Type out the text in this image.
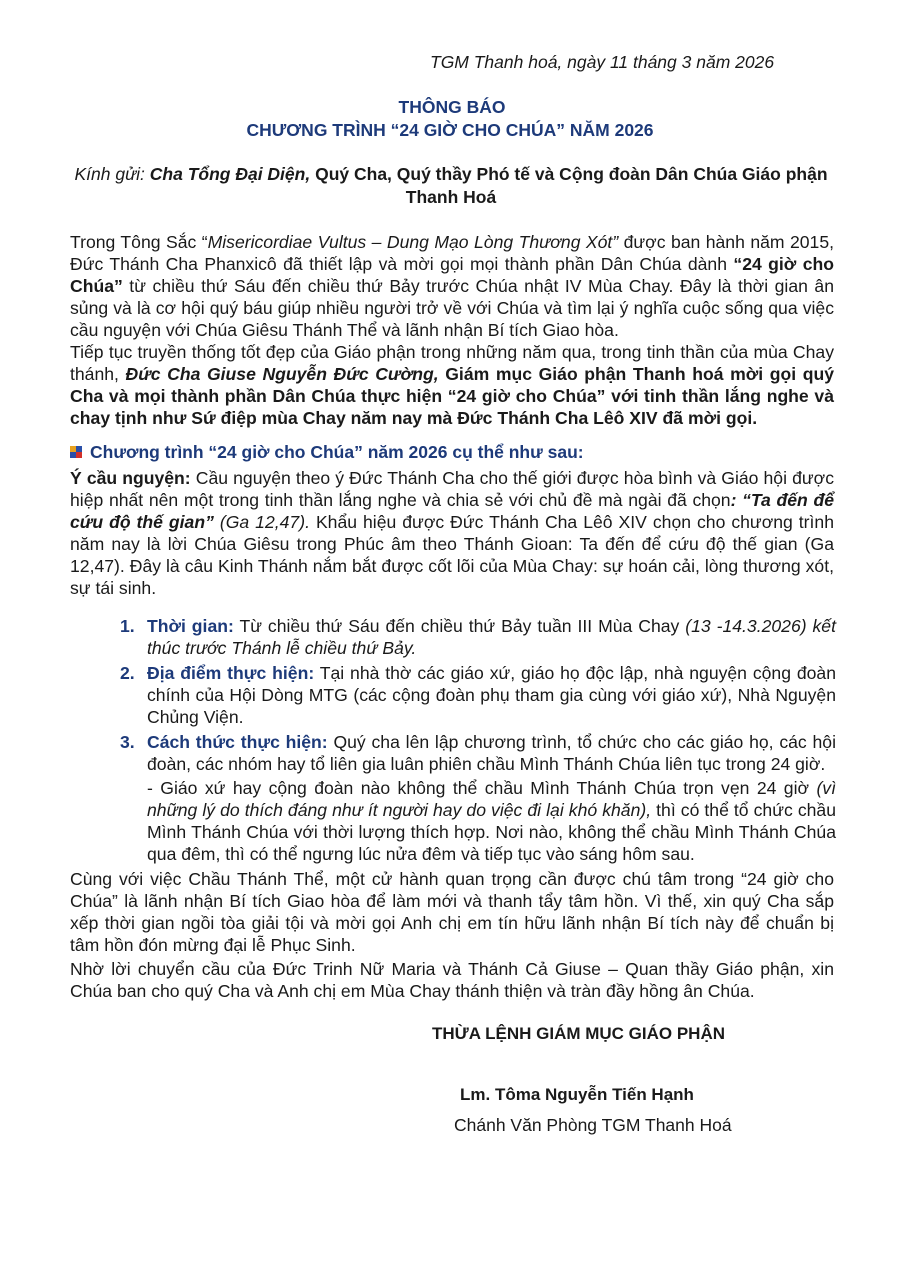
TGM Thanh hoá, ngày 11 tháng 3 năm 2026
THÔNG BÁO
CHƯƠNG TRÌNH “24 GIỜ CHO CHÚA” NĂM 2026
Kính gửi: Cha Tổng Đại Diện, Quý Cha, Quý thầy Phó tế và Cộng đoàn Dân Chúa Giáo phận Thanh Hoá
Trong Tông Sắc “Misericordiae Vultus – Dung Mạo Lòng Thương Xót” được ban hành năm 2015, Đức Thánh Cha Phanxicô đã thiết lập và mời gọi mọi thành phần Dân Chúa dành “24 giờ cho Chúa” từ chiều thứ Sáu đến chiều thứ Bảy trước Chúa nhật IV Mùa Chay. Đây là thời gian ân sủng và là cơ hội quý báu giúp nhiều người trở về với Chúa và tìm lại ý nghĩa cuộc sống qua việc cầu nguyện với Chúa Giêsu Thánh Thể và lãnh nhận Bí tích Giao hòa.
Tiếp tục truyền thống tốt đẹp của Giáo phận trong những năm qua, trong tinh thần của mùa Chay thánh, Đức Cha Giuse Nguyễn Đức Cường, Giám mục Giáo phận Thanh hoá mời gọi quý Cha và mọi thành phần Dân Chúa thực hiện “24 giờ cho Chúa” với tinh thần lắng nghe và chay tịnh như Sứ điệp mùa Chay năm nay mà Đức Thánh Cha Lêô XIV đã mời gọi.
Chương trình “24 giờ cho Chúa” năm 2026 cụ thể như sau:
Ý cầu nguyện: Cầu nguyện theo ý Đức Thánh Cha cho thế giới được hòa bình và Giáo hội được hiệp nhất nên một trong tinh thần lắng nghe và chia sẻ với chủ đề mà ngài đã chọn: “Ta đến để cứu độ thế gian” (Ga 12,47). Khẩu hiệu được Đức Thánh Cha Lêô XIV chọn cho chương trình năm nay là lời Chúa Giêsu trong Phúc âm theo Thánh Gioan: Ta đến để cứu độ thế gian (Ga 12,47). Đây là câu Kinh Thánh nắm bắt được cốt lõi của Mùa Chay: sự hoán cải, lòng thương xót, sự tái sinh.
1. Thời gian: Từ chiều thứ Sáu đến chiều thứ Bảy tuần III Mùa Chay (13 -14.3.2026) kết thúc trước Thánh lễ chiều thứ Bảy.
2. Địa điểm thực hiện: Tại nhà thờ các giáo xứ, giáo họ độc lập, nhà nguyện cộng đoàn chính của Hội Dòng MTG (các cộng đoàn phụ tham gia cùng với giáo xứ), Nhà Nguyện Chủng Viện.
3. Cách thức thực hiện: Quý cha lên lập chương trình, tổ chức cho các giáo họ, các hội đoàn, các nhóm hay tổ liên gia luân phiên chầu Mình Thánh Chúa liên tục trong 24 giờ.
- Giáo xứ hay cộng đoàn nào không thể chầu Mình Thánh Chúa trọn vẹn 24 giờ (vì những lý do thích đáng như ít người hay do việc đi lại khó khăn), thì có thể tổ chức chầu Mình Thánh Chúa với thời lượng thích hợp. Nơi nào, không thể chầu Mình Thánh Chúa qua đêm, thì có thể ngưng lúc nửa đêm và tiếp tục vào sáng hôm sau.
Cùng với việc Chầu Thánh Thể, một cử hành quan trọng cần được chú tâm trong “24 giờ cho Chúa” là lãnh nhận Bí tích Giao hòa để làm mới và thanh tẩy tâm hồn. Vì thế, xin quý Cha sắp xếp thời gian ngồi tòa giải tội và mời gọi Anh chị em tín hữu lãnh nhận Bí tích này để chuẩn bị tâm hồn đón mừng đại lễ Phục Sinh.
Nhờ lời chuyển cầu của Đức Trinh Nữ Maria và Thánh Cả Giuse – Quan thầy Giáo phận, xin Chúa ban cho quý Cha và Anh chị em Mùa Chay thánh thiện và tràn đầy hồng ân Chúa.
THỪA LỆNH GIÁM MỤC GIÁO PHẬN
Lm. Tôma Nguyễn Tiến Hạnh
Chánh Văn Phòng TGM Thanh Hoá
